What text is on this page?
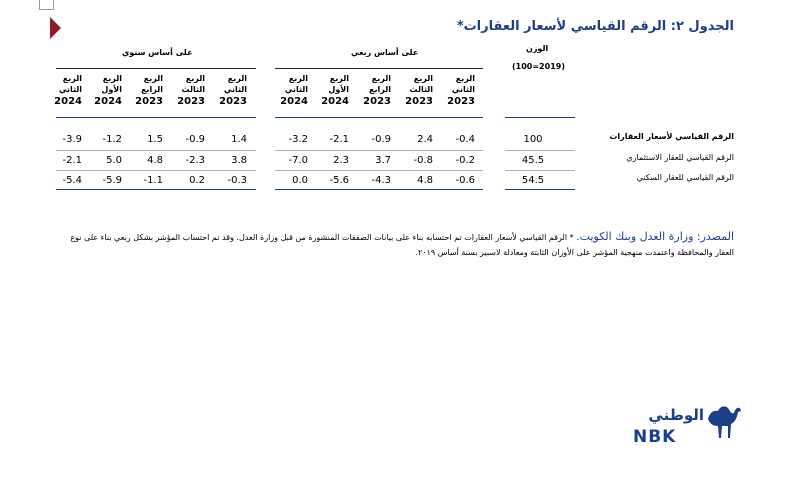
الجدول ٢: الرقم القياسي لأسعار العقارات*
الوزن
(100=2019)
على أساس سنوي	على أساس ربعي
الربع
الثاني
2024
الربع
الأول
2024
الربع
الرابع
2023
الربع
الثالث
2023
الربع
الثاني
2023
الربع
الثاني
2024
الربع
الأول
2024
الربع
الرابع
2023
الربع
الثالث
2023
الربع
الثاني
2023
-3.9	-1.2	1.5	-0.9	1.4	-3.2	-2.1	-0.9	2.4	-0.4	100	الرقم القياسي لأسعار العقارات
-2.1	5.0	4.8	-2.3	3.8	-7.0	2.3	3.7	-0.8	-0.2	45.5	الرقم القياسي للعقار الاستثماري
-5.4	-5.9	-1.1	0.2	-0.3	0.0	-5.6	-4.3	4.8	-0.6	54.5	الرقم القياسي للعقار السكني
المصدر: وزارة العدل وبنك الكويت. * الرقم القياسي لأسعار العقارات تم احتسابه بناء على بيانات الصفقات المنشورة من قبل وزارة العدل. وقد تم احتساب المؤشر بشكل ربعي بناء على نوع العقار والمحافظة واعتمدت منهجية المؤشر على الأوزان الثابتة ومعادلة لاسبير بسنة أساس ٢٠١٩.
الوطني
NBK
